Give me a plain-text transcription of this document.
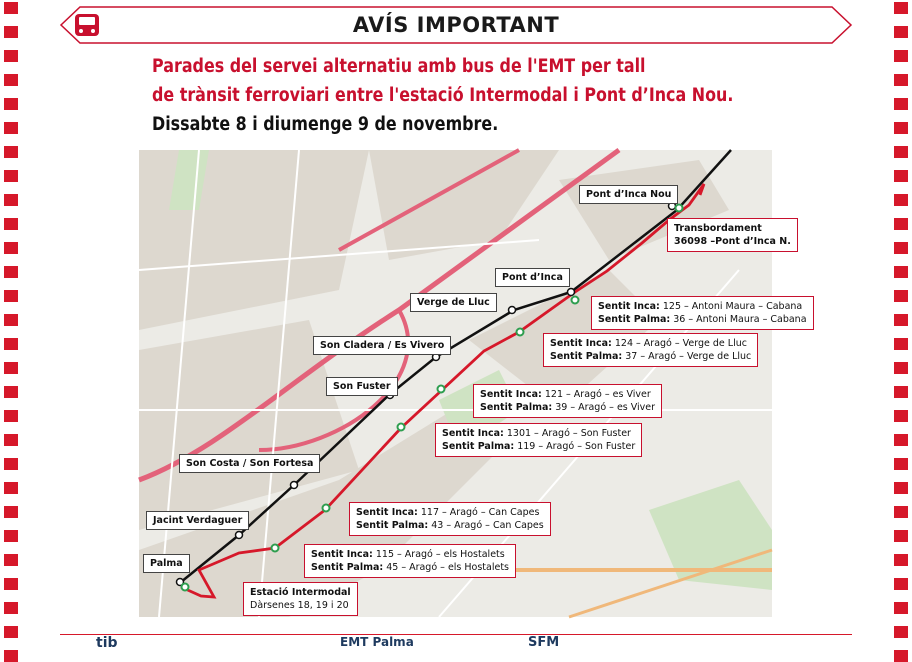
AVÍS IMPORTANT
Parades del servei alternatiu amb bus de l'EMT per tall
de trànsit ferroviari entre l'estació Intermodal i Pont d’Inca Nou.
Dissabte 8 i diumenge 9 de novembre.
Pont d’Inca Nou
Pont d’Inca
Verge de Lluc
Son Cladera / Es Vivero
Son Fuster
Son Costa / Son Fortesa
Jacint Verdaguer
Palma
Transbordament
36098 –Pont d’Inca N.
Sentit Inca: 125 – Antoni Maura – Cabana
Sentit Palma: 36 – Antoni Maura – Cabana
Sentit Inca: 124 – Aragó – Verge de Lluc
Sentit Palma: 37 – Aragó – Verge de Lluc
Sentit Inca: 121 – Aragó – es Viver
Sentit Palma: 39 – Aragó – es Viver
Sentit Inca: 1301 – Aragó – Son Fuster
Sentit Palma: 119 – Aragó – Son Fuster
Sentit Inca: 117 – Aragó – Can Capes
Sentit Palma: 43 – Aragó – Can Capes
Sentit Inca: 115 – Aragó – els Hostalets
Sentit Palma: 45 – Aragó – els Hostalets
Estació Intermodal
Dàrsenes 18, 19 i 20
tib	EMT Palma	SFM
